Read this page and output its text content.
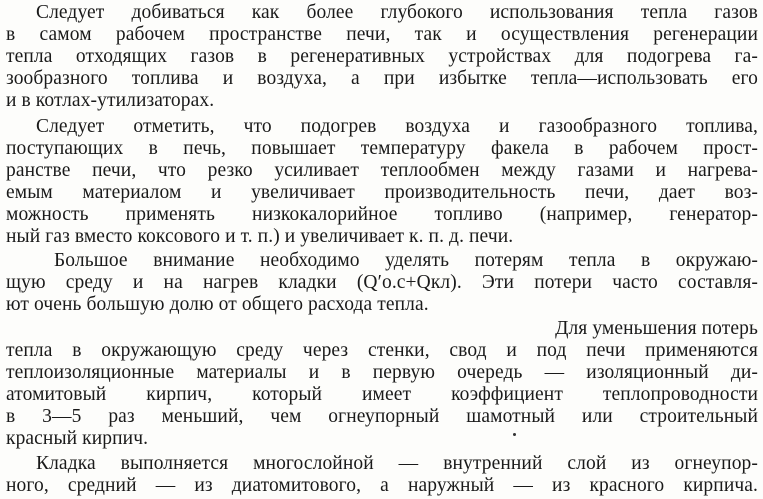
Следует добиваться как более глубокого использования тепла газов
в самом рабочем пространстве печи, так и осуществления регенерации
тепла отходящих газов в регенеративных устройствах для подогрева га-
зообразного топлива и воздуха, а при избытке тепла—использовать его
и в котлах-утилизаторах.
Следует отметить, что подогрев воздуха и газообразного топлива,
поступающих в печь, повышает температуру факела в рабочем прост-
ранстве печи, что резко усиливает теплообмен между газами и нагрева-
емым материалом и увеличивает производительность печи, дает воз-
можность применять низкокалорийное топливо (например, генератор-
ный газ вместо коксового и т. п.) и увеличивает к. п. д. печи.
Большое внимание необходимо уделять потерям тепла в окружаю-
щую среду и на нагрев кладки (Q′о.с+Qкл). Эти потери часто составля-
ют очень большую долю от общего расхода тепла.
Для уменьшения потерь
тепла в окружающую среду через стенки, свод и под печи применяются
теплоизоляционные материалы и в первую очередь — изоляционный ди-
атомитовый кирпич, который имеет коэффициент теплопроводности
в 3—5 раз меньший, чем огнеупорный шамотный или строительный
красный кирпич.
Кладка выполняется многослойной — внутренний слой из огнеупор-
ного, средний — из диатомитового, а наружный — из красного кирпича.
